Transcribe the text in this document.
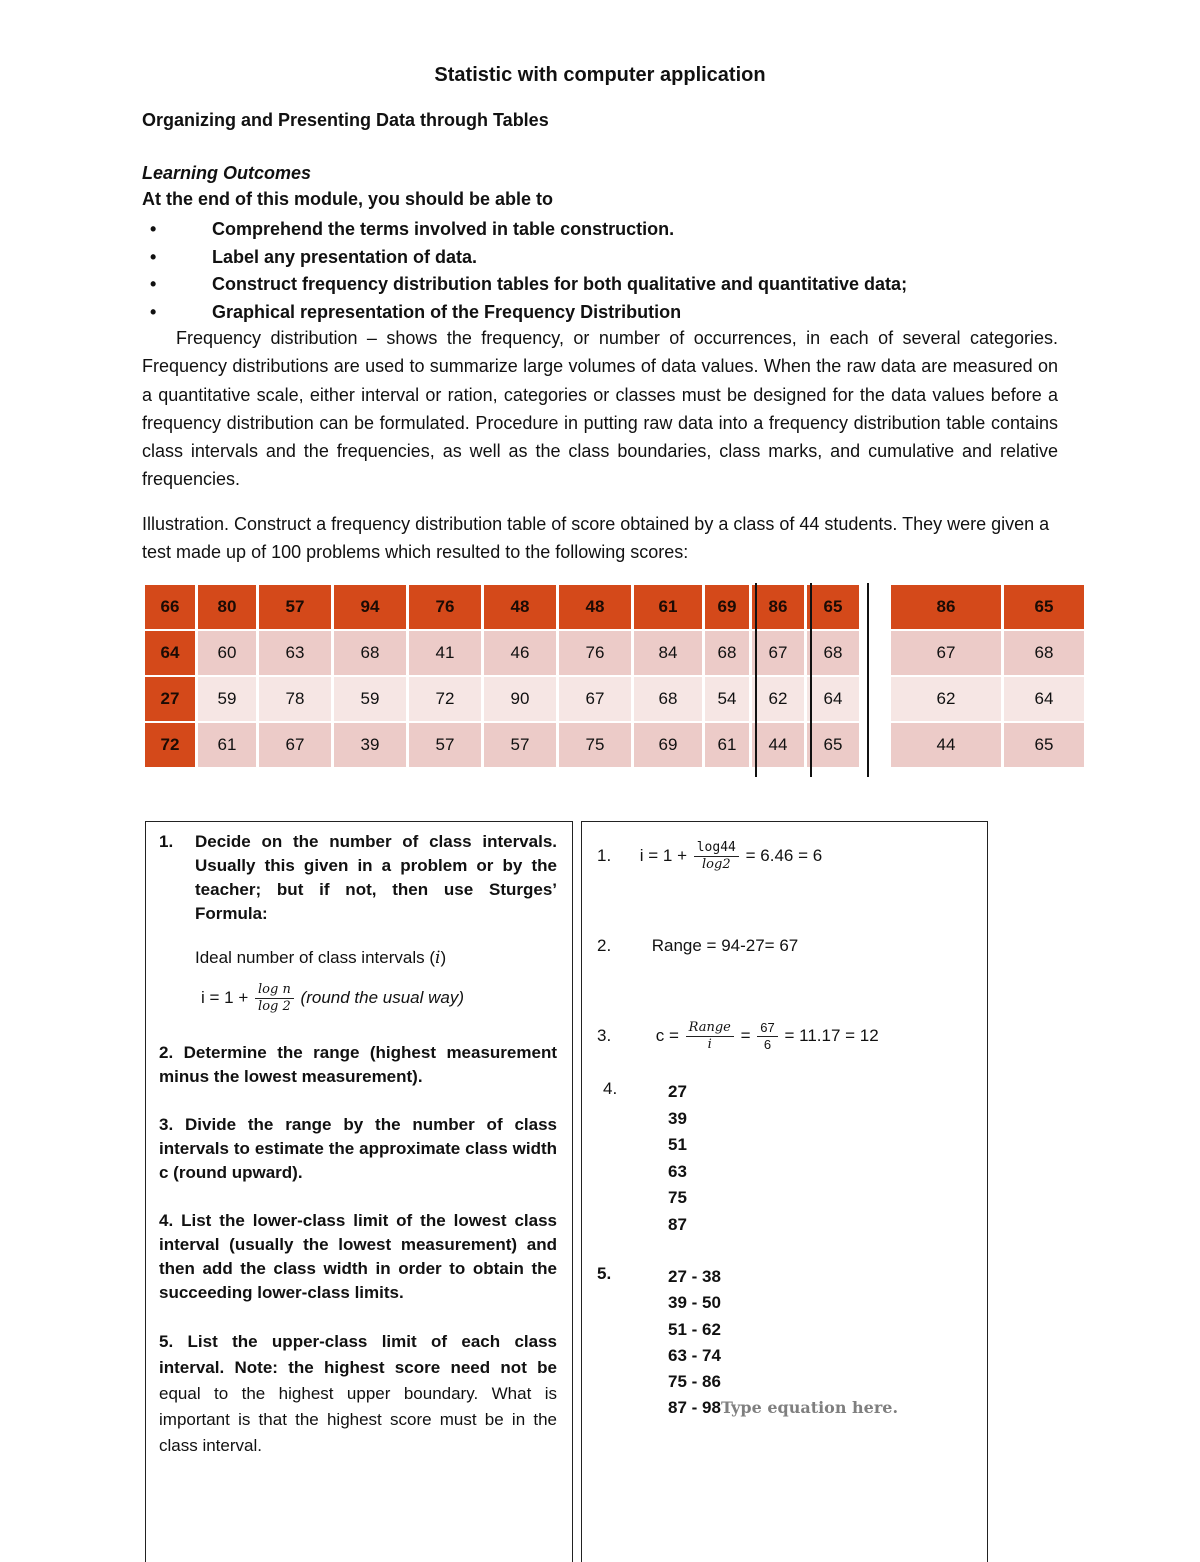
Statistic with computer application
Organizing and Presenting Data through Tables
Learning Outcomes
At the end of this module, you should be able to
•	Comprehend the terms involved in table construction.
•	Label any presentation of data.
•	Construct frequency distribution tables for both qualitative and quantitative data;
•	Graphical representation of the Frequency Distribution

Frequency distribution – shows the frequency, or number of occurrences, in each of several categories. Frequency distributions are used to summarize large volumes of data values. When the raw data are measured on a quantitative scale, either interval or ration, categories or classes must be designed for the data values before a frequency distribution can be formulated. Procedure in putting raw data into a frequency distribution table contains class intervals and the frequencies, as well as the class boundaries, class marks, and cumulative and relative frequencies.

Illustration. Construct a frequency distribution table of score obtained by a class of 44 students. They were given a test made up of 100 problems which resulted to the following scores:

66	80	57	94	76	48	48	61	69	86	65		86	65
64	60	63	68	41	46	76	84	68	67	68		67	68
27	59	78	59	72	90	67	68	54	62	64		62	64
72	61	67	39	57	57	75	69	61	44	65		44	65
1. Decide on the number of class intervals. Usually this given in a problem or by the teacher; but if not, then use Sturges’ Formula:
Ideal number of class intervals (i)
$i = 1 + \frac{\text{log n}}{\log 2}$ (round the usual way)

2. Determine the range (highest measurement minus the lowest measurement).

3. Divide the range by the number of class intervals to estimate the approximate class width c (round upward).

4. List the lower-class limit of the lowest class interval (usually the lowest measurement) and then add the class width in order to obtain the succeeding lower-class limits.

5. List the upper-class limit of each class interval. Note: the highest score need not be equal to the highest upper boundary. What is important is that the highest score must be in the class interval.

1. $i = 1 + \frac{\log 44}{\log 2} = 6.46 = 6$
2. Range = 94-27= 67
3.	$c = \frac{\text{Range}}{i} = \frac{67}{6} = 11.17 = 12$
4.	27
39
51
63
75
87
5.	27 - 38
39 - 50
51 - 62
63 - 74
75 - 86
87 - 98Type equation here.
